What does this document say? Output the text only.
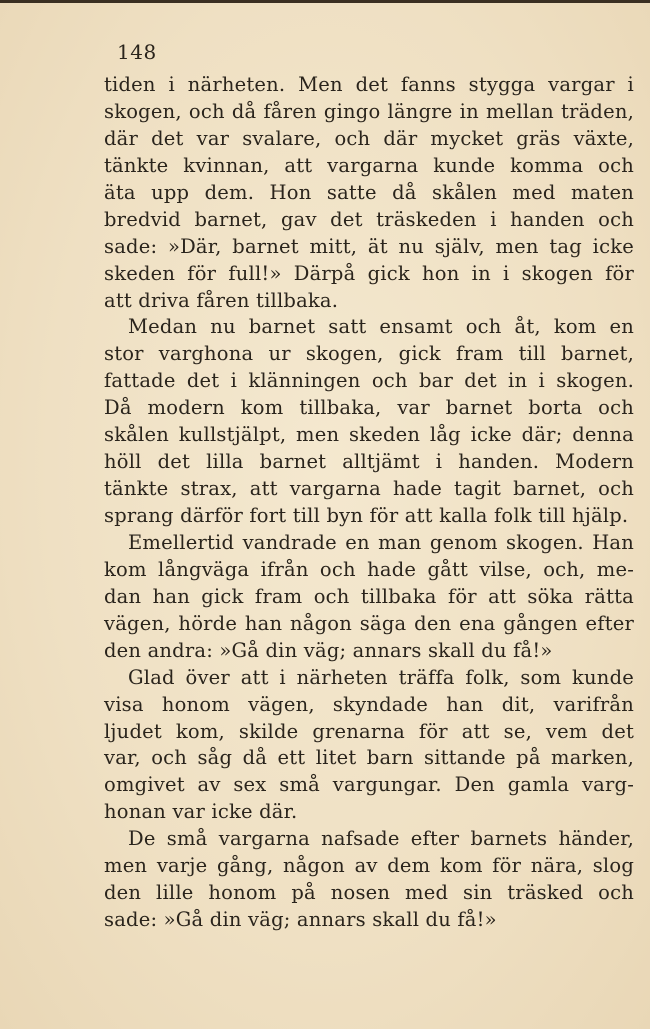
148
tiden i närheten. Men det fanns stygga vargar i
skogen, och då fåren gingo längre in mellan träden,
där det var svalare, och där mycket gräs växte,
tänkte kvinnan, att vargarna kunde komma och
äta upp dem. Hon satte då skålen med maten
bredvid barnet, gav det träskeden i handen och
sade: »Där, barnet mitt, ät nu själv, men tag icke
skeden för full!» Därpå gick hon in i skogen för
att driva fåren tillbaka.
Medan nu barnet satt ensamt och åt, kom en
stor varghona ur skogen, gick fram till barnet,
fattade det i klänningen och bar det in i skogen.
Då modern kom tillbaka, var barnet borta och
skålen kullstjälpt, men skeden låg icke där; denna
höll det lilla barnet alltjämt i handen. Modern
tänkte strax, att vargarna hade tagit barnet, och
sprang därför fort till byn för att kalla folk till hjälp.
Emellertid vandrade en man genom skogen. Han
kom långväga ifrån och hade gått vilse, och, me-
dan han gick fram och tillbaka för att söka rätta
vägen, hörde han någon säga den ena gången efter
den andra: »Gå din väg; annars skall du få!»
Glad över att i närheten träffa folk, som kunde
visa honom vägen, skyndade han dit, varifrån
ljudet kom, skilde grenarna för att se, vem det
var, och såg då ett litet barn sittande på marken,
omgivet av sex små vargungar. Den gamla varg-
honan var icke där.
De små vargarna nafsade efter barnets händer,
men varje gång, någon av dem kom för nära, slog
den lille honom på nosen med sin träsked och
sade: »Gå din väg; annars skall du få!»
